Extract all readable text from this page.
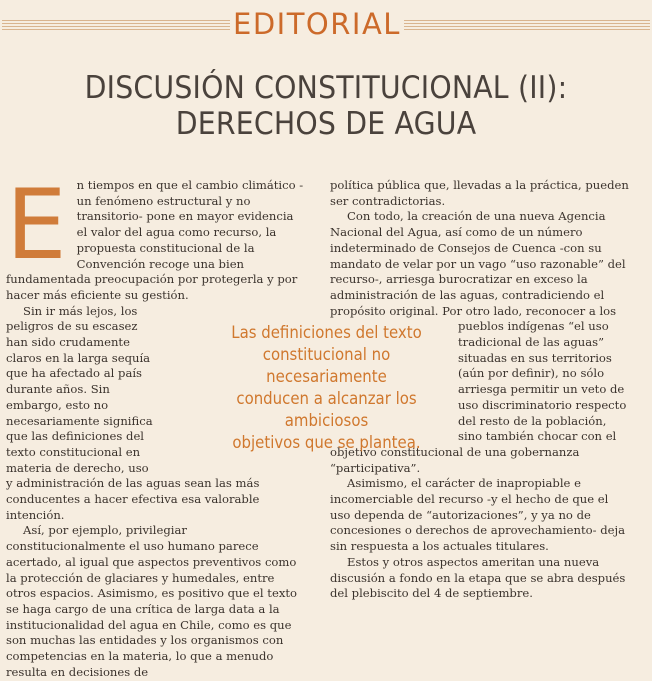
EDITORIAL
DISCUSIÓN CONSTITUCIONAL (II):
DERECHOS DE AGUA
E n tiempos en que el cambio climático -un fenómeno estructural y no transitorio- pone en mayor evidencia el valor del agua como recurso, la propuesta constitucional de la Convención recoge una bien fundamentada preocupación por protegerla y por hacer más eficiente su gestión.

Sin ir más lejos, los peligros de su escasez han sido crudamente claros en la larga sequía que ha afectado al país durante años. Sin embargo, esto no necesariamente significa que las definiciones del texto constitucional en materia de derecho, uso y administración de las aguas sean las más conducentes a hacer efectiva esa valorable intención.

Así, por ejemplo, privilegiar constitucionalmente el uso humano parece acertado, al igual que aspectos preventivos como la protección de glaciares y humedales, entre otros espacios. Asimismo, es positivo que el texto se haga cargo de una crítica de larga data a la institucionalidad del agua en Chile, como es que son muchas las entidades y los organismos con competencias en la materia, lo que a menudo resulta en decisiones de

política pública que, llevadas a la práctica, pueden ser contradictorias.

Con todo, la creación de una nueva Agencia Nacional del Agua, así como de un número indeterminado de Consejos de Cuenca -con su mandato de velar por un vago “uso razonable” del recurso-, arriesga burocratizar en exceso la administración de las aguas, contradiciendo el propósito original. Por otro lado, reconocer a
los pueblos indígenas “el uso tradicional de las aguas” situadas en sus territorios (aún por definir), no sólo arriesga permitir un veto de uso discriminatorio respecto del resto de la población, sino también chocar con el objetivo constitucional de una gobernanza “participativa”.

Asimismo, el carácter de inapropiable e incomerciable del recurso -y el hecho de que el uso dependa de “autorizaciones”, y ya no de concesiones o derechos de aprovechamiento- deja sin respuesta a los actuales titulares.

Estos y otros aspectos ameritan una nueva discusión a fondo en la etapa que se abra después del plebiscito del 4 de septiembre.

Las definiciones del texto
constitucional no necesariamente
conducen a alcanzar los ambiciosos
objetivos que se plantea.
